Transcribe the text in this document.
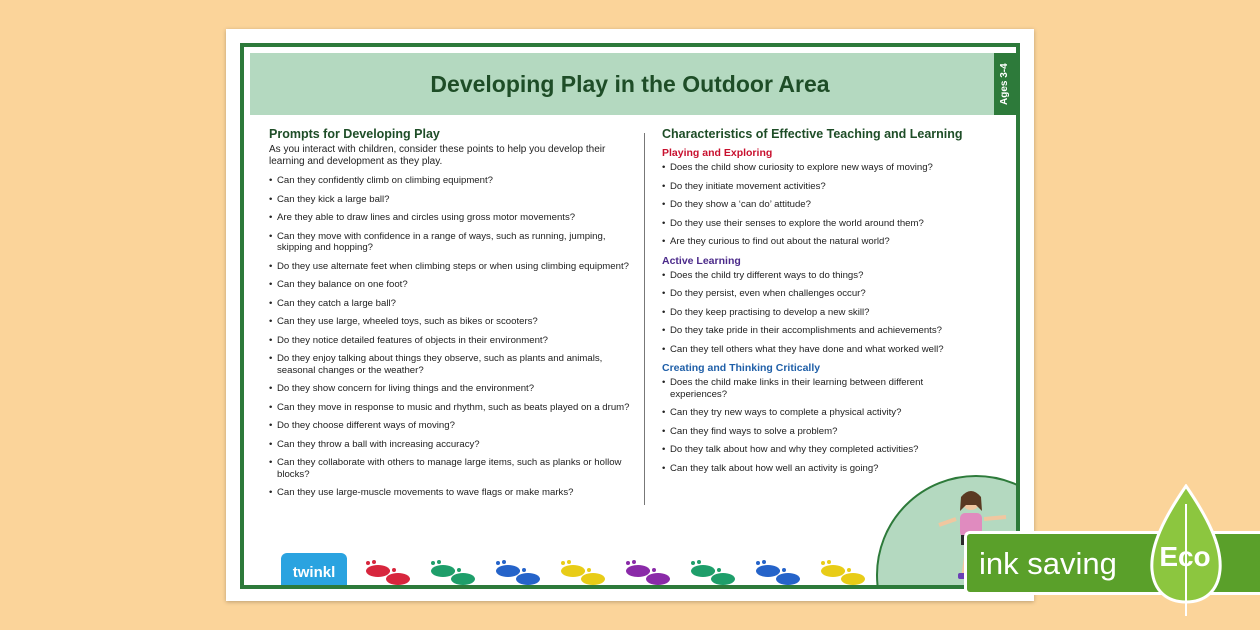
Developing Play in the Outdoor Area	Ages 3-4
Prompts for Developing Play

As you interact with children, consider these points to help you develop their learning and development as they play.

• Can they confidently climb on climbing equipment?
• Can they kick a large ball?
• Are they able to draw lines and circles using gross motor movements?
• Can they move with confidence in a range of ways, such as running, jumping, skipping and hopping?
• Do they use alternate feet when climbing steps or when using climbing equipment?
• Can they balance on one foot?
• Can they catch a large ball?
• Can they use large, wheeled toys, such as bikes or scooters?
• Do they notice detailed features of objects in their environment?
• Do they enjoy talking about things they observe, such as plants and animals, seasonal changes or the weather?
• Do they show concern for living things and the environment?
• Can they move in response to music and rhythm, such as beats played on a drum?
• Do they choose different ways of moving?
• Can they throw a ball with increasing accuracy?
• Can they collaborate with others to manage large items, such as planks or hollow blocks?
• Can they use large-muscle movements to wave flags or make marks?
Characteristics of Effective Teaching and Learning
Playing and Exploring
• Does the child show curiosity to explore new ways of moving?
• Do they initiate movement activities?
• Do they show a ‘can do’ attitude?
• Do they use their senses to explore the world around them?
• Are they curious to find out about the natural world?
Active Learning
• Does the child try different ways to do things?
• Do they persist, even when challenges occur?
• Do they keep practising to develop a new skill?
• Do they take pride in their accomplishments and achievements?
• Can they tell others what they have done and what worked well?
Creating and Thinking Critically
• Does the child make links in their learning between different experiences?
• Can they try new ways to complete a physical activity?
• Can they find ways to solve a problem?
• Do they talk about how and why they completed activities?
• Can they talk about how well an activity is going?
twinkl	ink saving Eco
